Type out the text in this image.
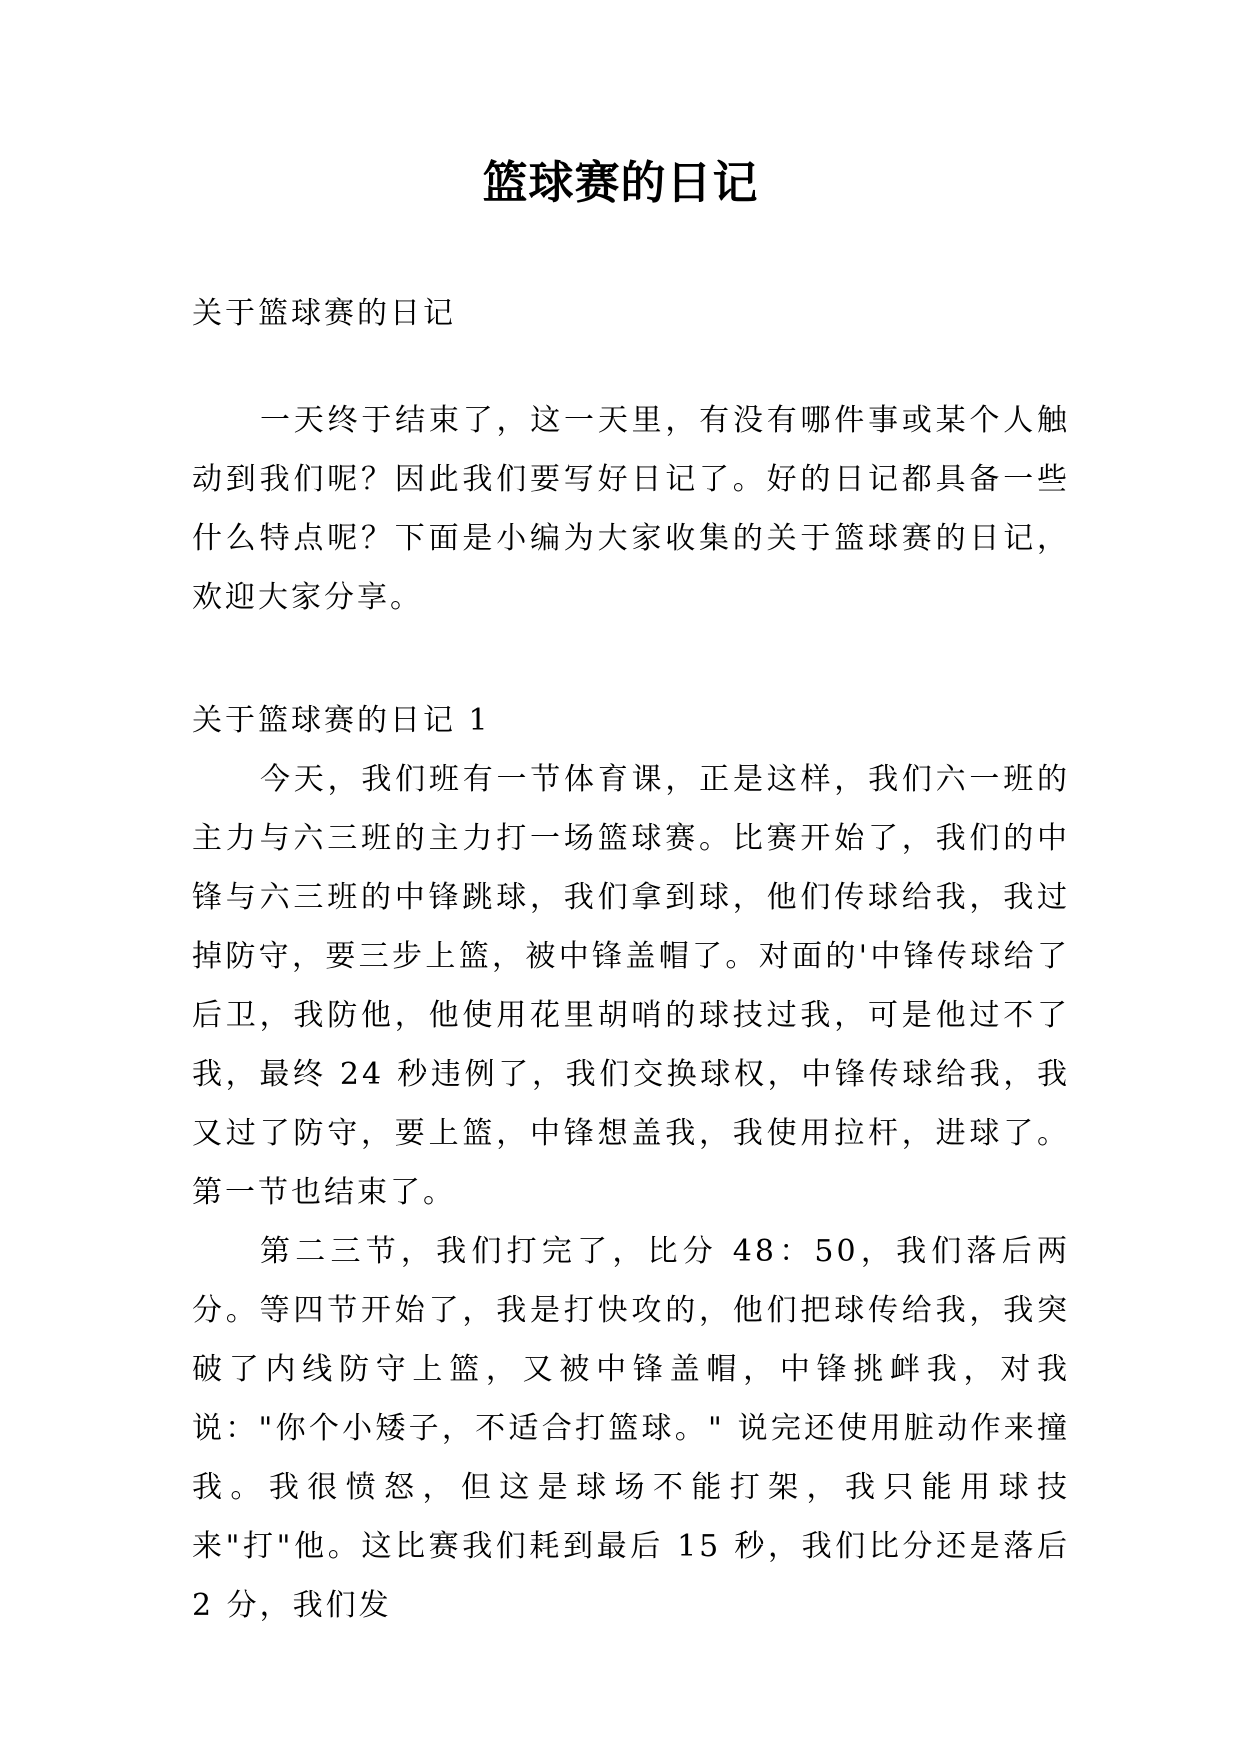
篮球赛的日记

关于篮球赛的日记

一天终于结束了，这一天里，有没有哪件事或某个人触动到我们呢？因此我们要写好日记了。好的日记都具备一些什么特点呢？下面是小编为大家收集的关于篮球赛的日记，欢迎大家分享。

关于篮球赛的日记 1

今天，我们班有一节体育课，正是这样，我们六一班的主力与六三班的主力打一场篮球赛。比赛开始了，我们的中锋与六三班的中锋跳球，我们拿到球，他们传球给我，我过掉防守，要三步上篮，被中锋盖帽了。对面的'中锋传球给了后卫，我防他，他使用花里胡哨的球技过我，可是他过不了我，最终 24 秒违例了，我们交换球权，中锋传球给我，我又过了防守，要上篮，中锋想盖我，我使用拉杆，进球了。第一节也结束了。

第二三节，我们打完了，比分 48：50，我们落后两分。等四节开始了，我是打快攻的，他们把球传给我，我突破了内线防守上篮，又被中锋盖帽，中锋挑衅我，对我说："你个小矮子，不适合打篮球。" 说完还使用脏动作来撞我。我很愤怒，但这是球场不能打架，我只能用球技来"打"他。这比赛我们耗到最后 15 秒，我们比分还是落后 2 分，我们发
